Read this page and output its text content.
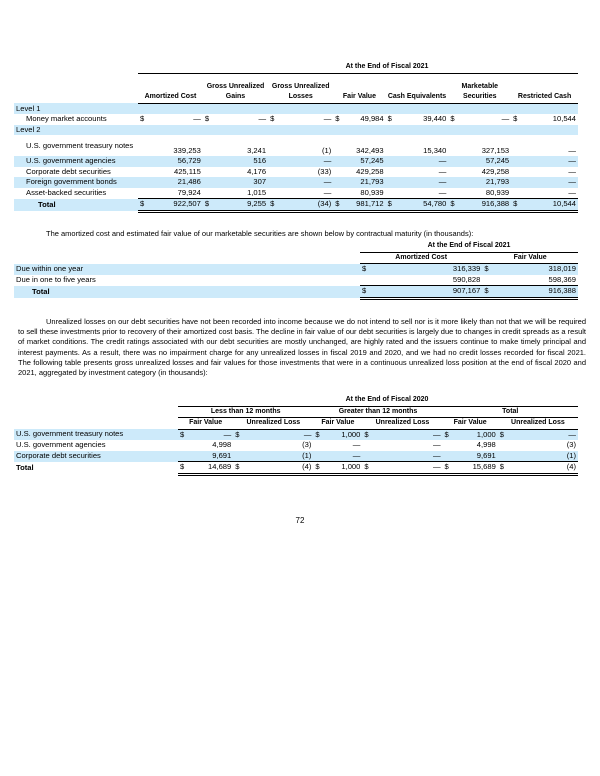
	At the End of Fiscal 2021													
	Amortized Cost		Gross Unrealized Gains		Gross Unrealized Losses		Fair Value		Cash Equivalents		Marketable Securities		Restricted Cash	
Level 1														
Money market accounts	$	—	$	—	$	—	$	49,984	$	39,440	$	—	$	10,544
Level 2														
U.S. government treasury notes		339,253		3,241		(1)		342,493		15,340		327,153		—
U.S. government agencies		56,729		516		—		57,245		—		57,245		—
Corporate debt securities		425,115		4,176		(33)		429,258		—		429,258		—
Foreign government bonds		21,486		307		—		21,793		—		21,793		—
Asset-backed securities		79,924		1,015		—		80,939		—		80,939		—
Total	$	922,507	$	9,255	$	(34)	$	981,712	$	54,780	$	916,388	$	10,544
The amortized cost and estimated fair value of our marketable securities are shown below by contractual maturity (in thousands):
	At the End of Fiscal 2021			
	Amortized Cost		Fair Value	
Due within one year	$	316,339	$	318,019
Due in one to five years		590,828		598,369
Total	$	907,167	$	916,388
Unrealized losses on our debt securities have not been recorded into income because we do not intend to sell nor is it more likely than not that we will be required to sell these investments prior to recovery of their amortized cost basis. The decline in fair value of our debt securities is largely due to changes in credit spreads as a result of market conditions. The credit ratings associated with our debt securities are mostly unchanged, are highly rated and the issuers continue to make timely principal and interest payments. As a result, there was no impairment charge for any unrealized losses in fiscal 2019 and 2020, and we had no credit losses recorded for fiscal 2021. The following table presents gross unrealized losses and fair values for those investments that were in a continuous unrealized loss position at the end of fiscal 2020 and 2021, aggregated by investment category (in thousands):
	At the End of Fiscal 2020											
	Less than 12 months				Greater than 12 months				Total			
	Fair Value		Unrealized Loss		Fair Value		Unrealized Loss		Fair Value		Unrealized Loss	
U.S. government treasury notes	$	—	$	—	$	1,000	$	—	$	1,000	$	—
U.S. government agencies		4,998		(3)		—		—		4,998		(3)
Corporate debt securities		9,691		(1)		—		—		9,691		(1)
Total	$	14,689	$	(4)	$	1,000	$	—	$	15,689	$	(4)
72
